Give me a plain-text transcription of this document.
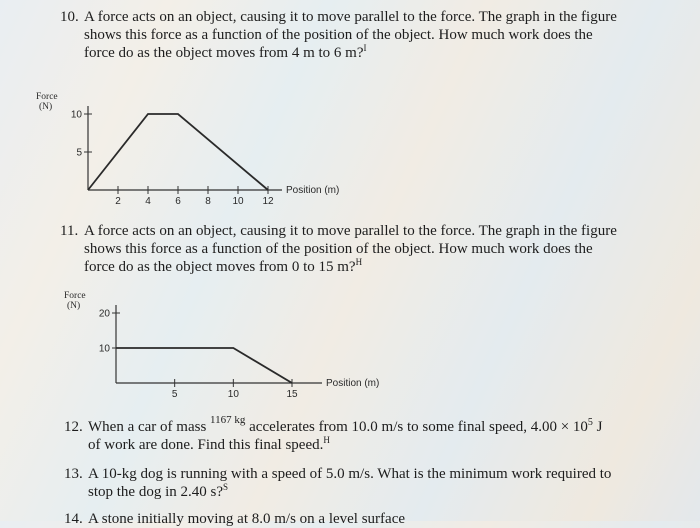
10. A force acts on an object, causing it to move parallel to the force. The graph in the figure

shows this force as a function of the position of the object. How much work does the

force do as the object moves from 4 m to 6 m?$^I$

Force
(N)
10
5
2 4 6 8 10 12
Position (m)
20
10
5	10	15
Position (m)
11. A force acts on an object, causing it to move parallel to the force. The graph in the figure

shows this force as a function of the position of the object. How much work does the

force do as the object moves from 0 to 15 m?$^H$

Force
(N)
12. When a car of mass $^{1167 kg}$ accelerates from 10.0 m/s to some final speed, $4.00 \times 10^5$ J

of work are done. Find this final speed.$^H$

13. A 10-kg dog is running with a speed of 5.0 m/s. What is the minimum work required to

stop the dog in 2.40 s?$^S$

14. A stone initially moving at 8.0 m/s on a level surface
